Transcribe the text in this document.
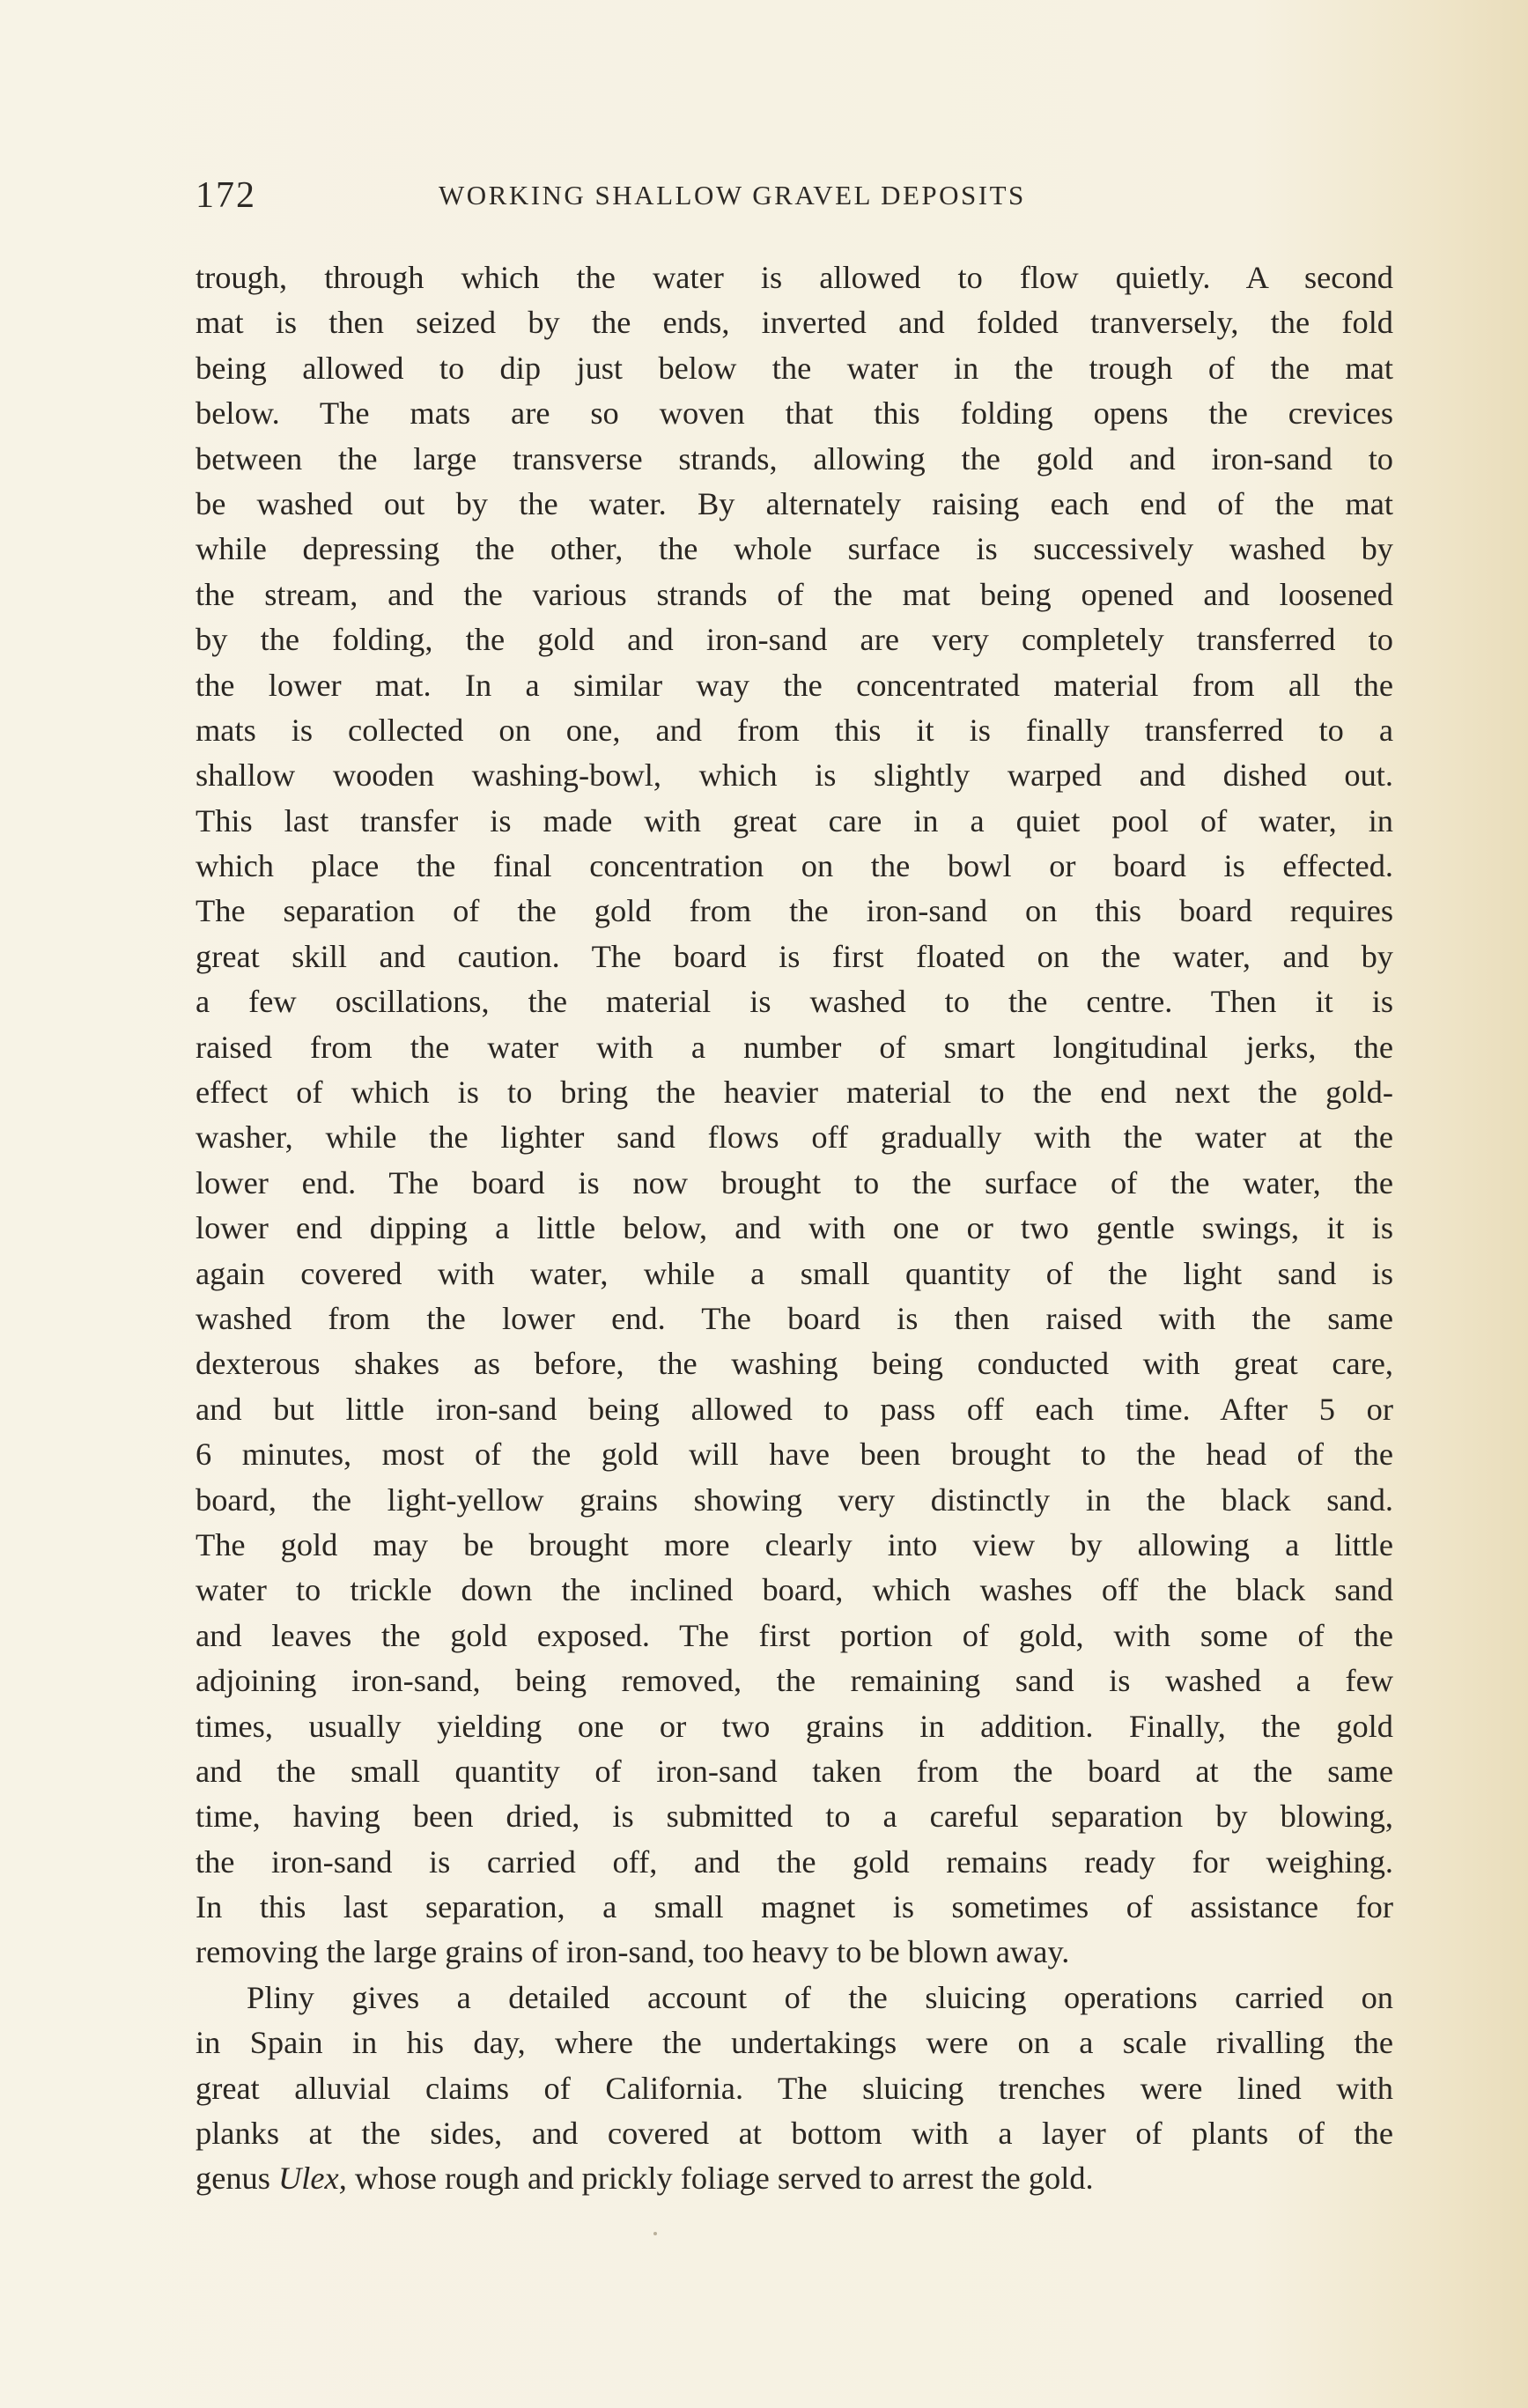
172	WORKING SHALLOW GRAVEL DEPOSITS
trough, through which the water is allowed to flow quietly. A second
mat is then seized by the ends, inverted and folded tranversely, the fold
being allowed to dip just below the water in the trough of the mat
below. The mats are so woven that this folding opens the crevices
between the large transverse strands, allowing the gold and iron-sand to
be washed out by the water. By alternately raising each end of the mat
while depressing the other, the whole surface is successively washed by
the stream, and the various strands of the mat being opened and loosened
by the folding, the gold and iron-sand are very completely transferred to
the lower mat. In a similar way the concentrated material from all the
mats is collected on one, and from this it is finally transferred to a
shallow wooden washing-bowl, which is slightly warped and dished out.
This last transfer is made with great care in a quiet pool of water, in
which place the final concentration on the bowl or board is effected.
The separation of the gold from the iron-sand on this board requires
great skill and caution. The board is first floated on the water, and by
a few oscillations, the material is washed to the centre. Then it is
raised from the water with a number of smart longitudinal jerks, the
effect of which is to bring the heavier material to the end next the gold-
washer, while the lighter sand flows off gradually with the water at the
lower end. The board is now brought to the surface of the water, the
lower end dipping a little below, and with one or two gentle swings, it is
again covered with water, while a small quantity of the light sand is
washed from the lower end. The board is then raised with the same
dexterous shakes as before, the washing being conducted with great care,
and but little iron-sand being allowed to pass off each time. After 5 or
6 minutes, most of the gold will have been brought to the head of the
board, the light-yellow grains showing very distinctly in the black sand.
The gold may be brought more clearly into view by allowing a little
water to trickle down the inclined board, which washes off the black sand
and leaves the gold exposed. The first portion of gold, with some of the
adjoining iron-sand, being removed, the remaining sand is washed a few
times, usually yielding one or two grains in addition. Finally, the gold
and the small quantity of iron-sand taken from the board at the same
time, having been dried, is submitted to a careful separation by blowing,
the iron-sand is carried off, and the gold remains ready for weighing.
In this last separation, a small magnet is sometimes of assistance for
removing the large grains of iron-sand, too heavy to be blown away.
Pliny gives a detailed account of the sluicing operations carried on
in Spain in his day, where the undertakings were on a scale rivalling the
great alluvial claims of California. The sluicing trenches were lined with
planks at the sides, and covered at bottom with a layer of plants of the
genus Ulex, whose rough and prickly foliage served to arrest the gold.
